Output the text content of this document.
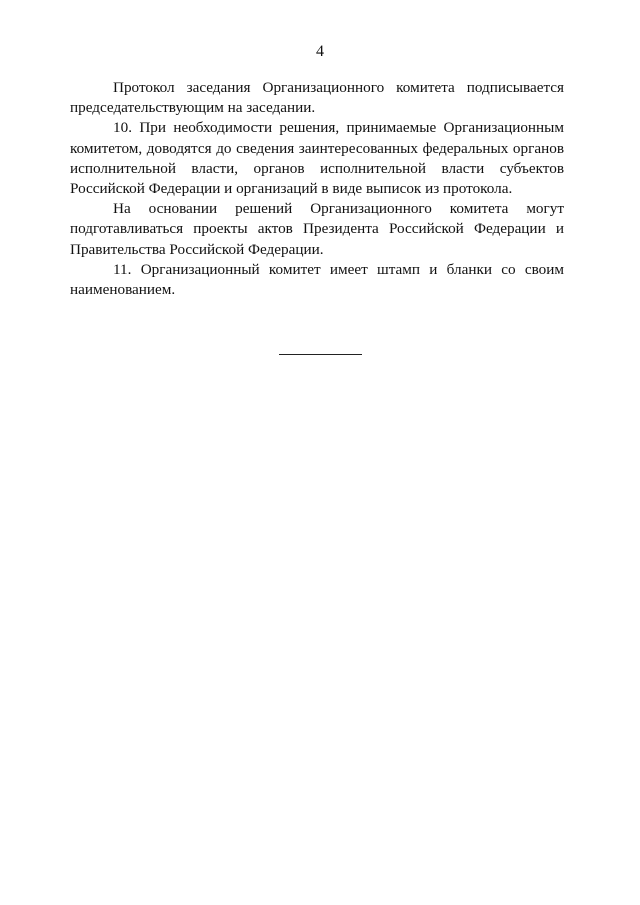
4

Протокол заседания Организационного комитета подписывается председательствующим на заседании.

10. При необходимости решения, принимаемые Организационным комитетом, доводятся до сведения заинтересованных федеральных органов исполнительной власти, органов исполнительной власти субъектов Российской Федерации и организаций в виде выписок из протокола.

На основании решений Организационного комитета могут подготавливаться проекты актов Президента Российской Федерации и Правительства Российской Федерации.

11. Организационный комитет имеет штамп и бланки со своим наименованием.
